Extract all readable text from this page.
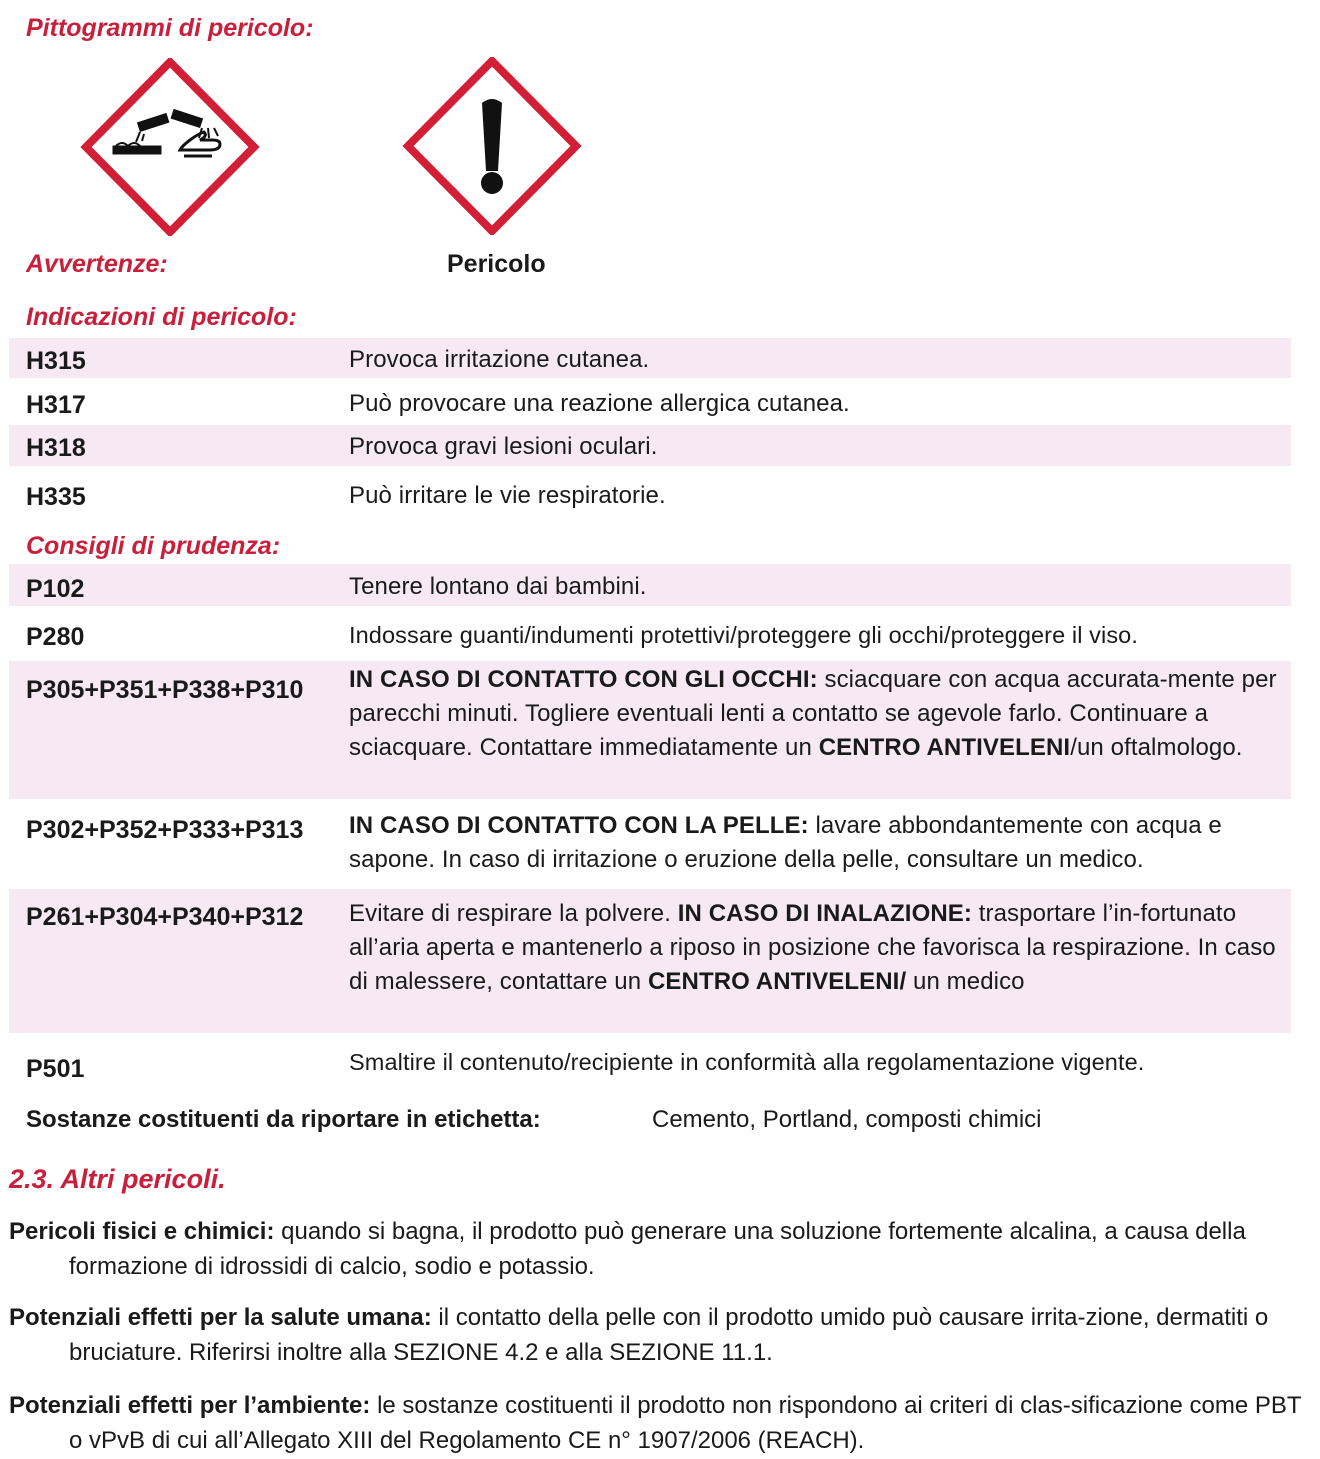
Pittogrammi di pericolo:
Avvertenze:	Pericolo
Indicazioni di pericolo:
H315	Provoca irritazione cutanea.
H317	Può provocare una reazione allergica cutanea.
H318	Provoca gravi lesioni oculari.
H335	Può irritare le vie respiratorie.
Consigli di prudenza:
P102	Tenere lontano dai bambini.
P280	Indossare guanti/indumenti protettivi/proteggere gli occhi/proteggere il viso.
P305+P351+P338+P310 IN CASO DI CONTATTO CON GLI OCCHI: sciacquare con acqua accurata-mente per parecchi minuti. Togliere eventuali lenti a contatto se agevole farlo. Continuare a sciacquare. Contattare immediatamente un CENTRO ANTIVELENI/un oftalmologo.
P302+P352+P333+P313 IN CASO DI CONTATTO CON LA PELLE: lavare abbondantemente con acqua e sapone. In caso di irritazione o eruzione della pelle, consultare un medico.
P261+P304+P340+P312 Evitare di respirare la polvere. IN CASO DI INALAZIONE: trasportare l’in-fortunato all’aria aperta e mantenerlo a riposo in posizione che favorisca la respirazione. In caso di malessere, contattare un CENTRO ANTIVELENI/ un medico
P501	Smaltire il contenuto/recipiente in conformità alla regolamentazione vigente.
Sostanze costituenti da riportare in etichetta:	Cemento, Portland, composti chimici
2.3. Altri pericoli.
Pericoli fisici e chimici: quando si bagna, il prodotto può generare una soluzione fortemente alcalina, a causa della formazione di idrossidi di calcio, sodio e potassio.
Potenziali effetti per la salute umana: il contatto della pelle con il prodotto umido può causare irrita-zione, dermatiti o bruciature. Riferirsi inoltre alla SEZIONE 4.2 e alla SEZIONE 11.1.
Potenziali effetti per l’ambiente: le sostanze costituenti il prodotto non rispondono ai criteri di clas-sificazione come PBT o vPvB di cui all’Allegato XIII del Regolamento CE n° 1907/2006 (REACH).
